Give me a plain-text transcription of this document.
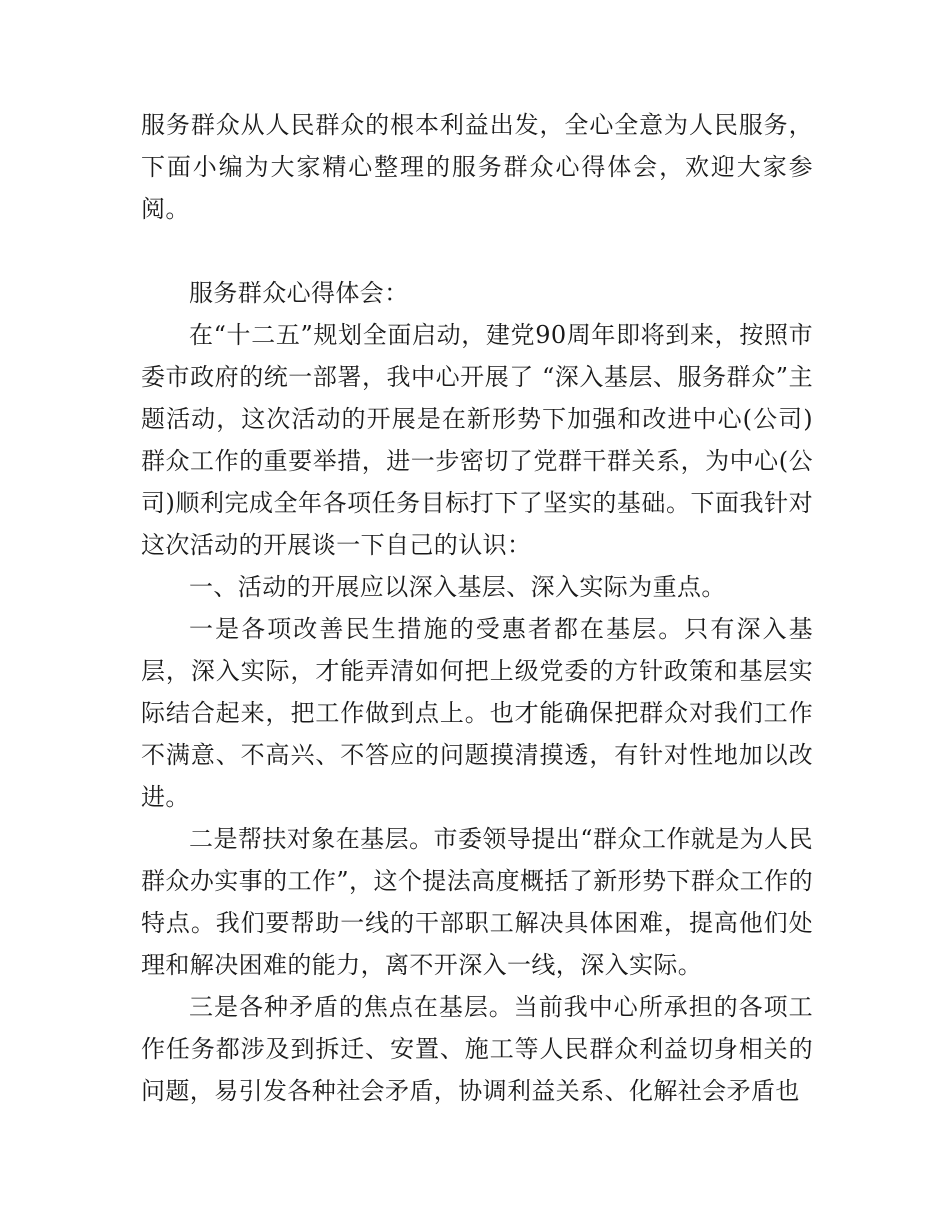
服务群众从人民群众的根本利益出发，全心全意为人民服务，下面小编为大家精心整理的服务群众心得体会，欢迎大家参阅。

服务群众心得体会：

在“十二五”规划全面启动，建党90周年即将到来，按照市委市政府的统一部署，我中心开展了 “深入基层、服务群众”主题活动，这次活动的开展是在新形势下加强和改进中心(公司)群众工作的重要举措，进一步密切了党群干群关系，为中心(公司)顺利完成全年各项任务目标打下了坚实的基础。下面我针对这次活动的开展谈一下自己的认识：

一、活动的开展应以深入基层、深入实际为重点。

一是各项改善民生措施的受惠者都在基层。只有深入基层，深入实际，才能弄清如何把上级党委的方针政策和基层实际结合起来，把工作做到点上。也才能确保把群众对我们工作不满意、不高兴、不答应的问题摸清摸透，有针对性地加以改进。

二是帮扶对象在基层。市委领导提出“群众工作就是为人民群众办实事的工作”，这个提法高度概括了新形势下群众工作的特点。我们要帮助一线的干部职工解决具体困难，提高他们处理和解决困难的能力，离不开深入一线，深入实际。

三是各种矛盾的焦点在基层。当前我中心所承担的各项工作任务都涉及到拆迁、安置、施工等人民群众利益切身相关的问题，易引发各种社会矛盾，协调利益关系、化解社会矛盾也
